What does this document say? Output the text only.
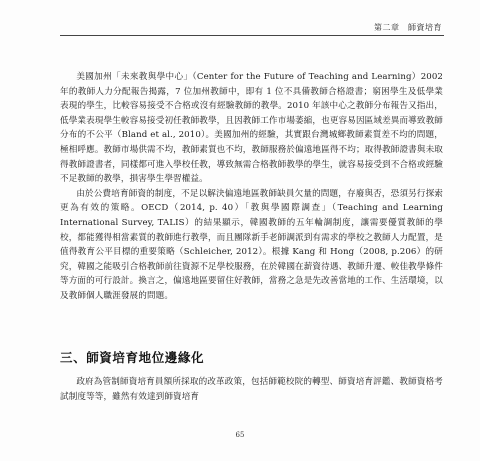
第二章　師資培育

美國加州「未來教與學中心」（Center for the Future of Teaching and Learning）2002 年的教師人力分配報告揭露，7 位加州教師中，即有 1 位不具備教師合格證書；窮困學生及低學業表現的學生，比較容易接受不合格或沒有經驗教師的教學。2010 年該中心之教師分布報告又指出，低學業表現學生較容易接受初任教師教學，且因教師工作市場萎縮，也更容易因區域差異而導致教師分布的不公平（Bland et al., 2010）。美國加州的經驗，其實跟台灣城鄉教師素質差不均的問題，極相呼應。教師市場供需不均，教師素質也不均，教師服務於偏遠地區得不均；取得教師證書與未取得教師證書者，同樣都可進入學校任教，導致無需合格教師教學的學生，就容易接受到不合格或經驗不足教師的教學，損害學生學習權益。

由於公費培育師資的制度，不足以解決偏遠地區教師缺員欠量的問題，存廢與否，恐須另行探索更為有效的策略。OECD（2014, p. 40）「教與學國際調查」（Teaching and Learning International Survey, TALIS）的結果顯示，韓國教師的五年輪調制度，讓需要優質教師的學校，都能獲得相當素質的教師進行教學，而且團隊新手老師調派到有需求的學校之教師人力配置，是值得教育公平目標的重要策略（Schleicher, 2012）。根據 Kang 和 Hong（2008, p.206）的研究，韓國之能吸引合格教師前往資源不足學校服務，在於韓國在薪資待遇、教師升遷、較佳教學條件等方面的可行設計。換言之，偏遠地區要留住好教師，當務之急是先改善當地的工作、生活環境，以及教師個人職涯發展的問題。

三、師資培育地位邊緣化

政府為管制師資培育員額所採取的改革政策，包括師範校院的轉型、師資培育評鑑、教師資格考試制度等等，雖然有效達到師資培育

65
